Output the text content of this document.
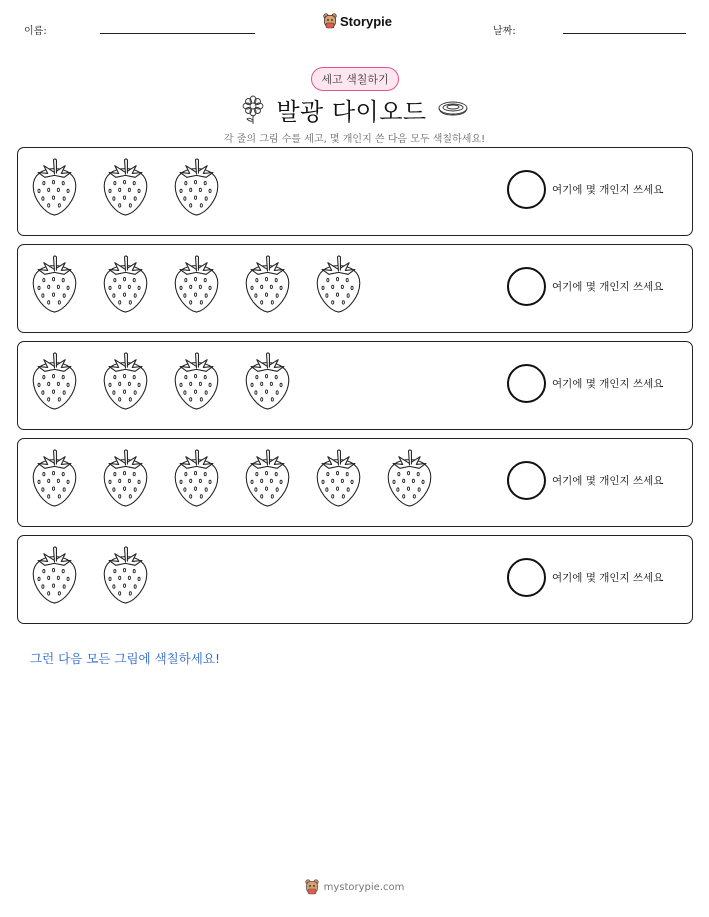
이름:
Storypie
날짜:
세고 색칠하기
발광 다이오드
각 줄의 그림 수를 세고, 몇 개인지 쓴 다음 모두 색칠하세요!
여기에 몇 개인지 쓰세요
여기에 몇 개인지 쓰세요
여기에 몇 개인지 쓰세요
여기에 몇 개인지 쓰세요
여기에 몇 개인지 쓰세요
그런 다음 모든 그림에 색칠하세요!
mystorypie.com
